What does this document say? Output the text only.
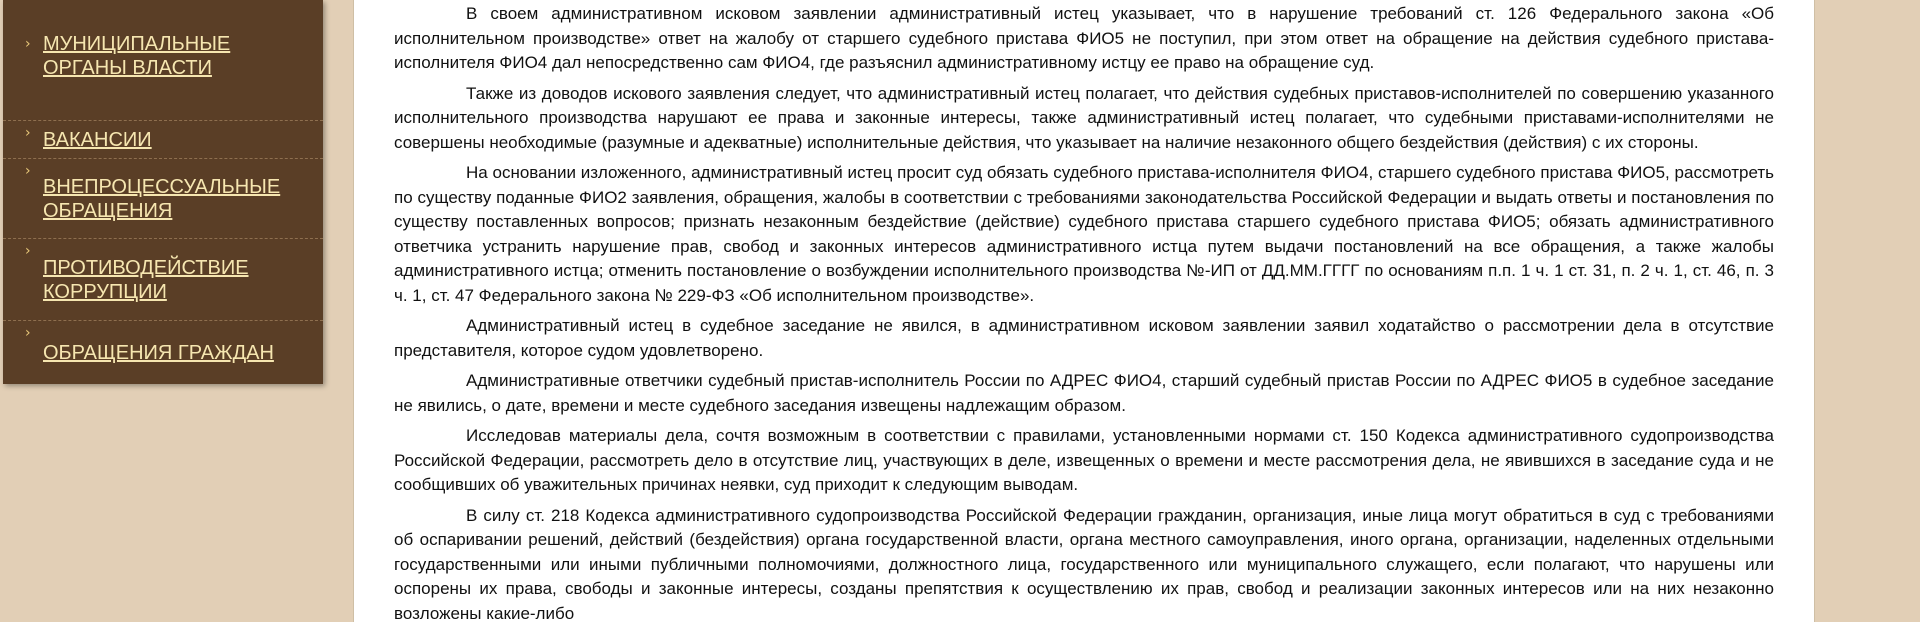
› МУНИЦИПАЛЬНЫЕ ОРГАНЫ ВЛАСТИ
› ВАКАНСИИ
›
ВНЕПРОЦЕССУАЛЬНЫЕ ОБРАЩЕНИЯ
›
ПРОТИВОДЕЙСТВИЕ КОРРУПЦИИ
›
ОБРАЩЕНИЯ ГРАЖДАН

В своем административном исковом заявлении административный истец указывает, что в нарушение требований ст. 126 Федерального закона «Об исполнительном производстве» ответ на жалобу от старшего судебного пристава ФИО5 не поступил, при этом ответ на обращение на действия судебного пристава-исполнителя ФИО4 дал непосредственно сам ФИО4, где разъяснил административному истцу ее право на обращение суд.

Также из доводов искового заявления следует, что административный истец полагает, что действия судебных приставов-исполнителей по совершению указанного исполнительного производства нарушают ее права и законные интересы, также административный истец полагает, что судебными приставами-исполнителями не совершены необходимые (разумные и адекватные) исполнительные действия, что указывает на наличие незаконного общего бездействия (действия) с их стороны.

На основании изложенного, административный истец просит суд обязать судебного пристава-исполнителя ФИО4, старшего судебного пристава ФИО5, рассмотреть по существу поданные ФИО2 заявления, обращения, жалобы в соответствии с требованиями законодательства Российской Федерации и выдать ответы и постановления по существу поставленных вопросов; признать незаконным бездействие (действие) судебного пристава старшего судебного пристава ФИО5; обязать административного ответчика устранить нарушение прав, свобод и законных интересов административного истца путем выдачи постановлений на все обращения, а также жалобы административного истца; отменить постановление о возбуждении исполнительного производства №-ИП от ДД.ММ.ГГГГ по основаниям п.п. 1 ч. 1 ст. 31, п. 2 ч. 1, ст. 46, п. 3 ч. 1, ст. 47 Федерального закона № 229-ФЗ «Об исполнительном производстве».

Административный истец в судебное заседание не явился, в административном исковом заявлении заявил ходатайство о рассмотрении дела в отсутствие представителя, которое судом удовлетворено.

Административные ответчики судебный пристав-исполнитель России по АДРЕС ФИО4, старший судебный пристав России по АДРЕС ФИО5 в судебное заседание не явились, о дате, времени и месте судебного заседания извещены надлежащим образом.

Исследовав материалы дела, сочтя возможным в соответствии с правилами, установленными нормами ст. 150 Кодекса административного судопроизводства Российской Федерации, рассмотреть дело в отсутствие лиц, участвующих в деле, извещенных о времени и месте рассмотрения дела, не явившихся в заседание суда и не сообщивших об уважительных причинах неявки, суд приходит к следующим выводам.

В силу ст. 218 Кодекса административного судопроизводства Российской Федерации гражданин, организация, иные лица могут обратиться в суд с требованиями об оспаривании решений, действий (бездействия) органа государственной власти, органа местного самоуправления, иного органа, организации, наделенных отдельными государственными или иными публичными полномочиями, должностного лица, государственного или муниципального служащего, если полагают, что нарушены или оспорены их права, свободы и законные интересы, созданы препятствия к осуществлению их прав, свобод и реализации законных интересов или на них незаконно возложены какие-либо
